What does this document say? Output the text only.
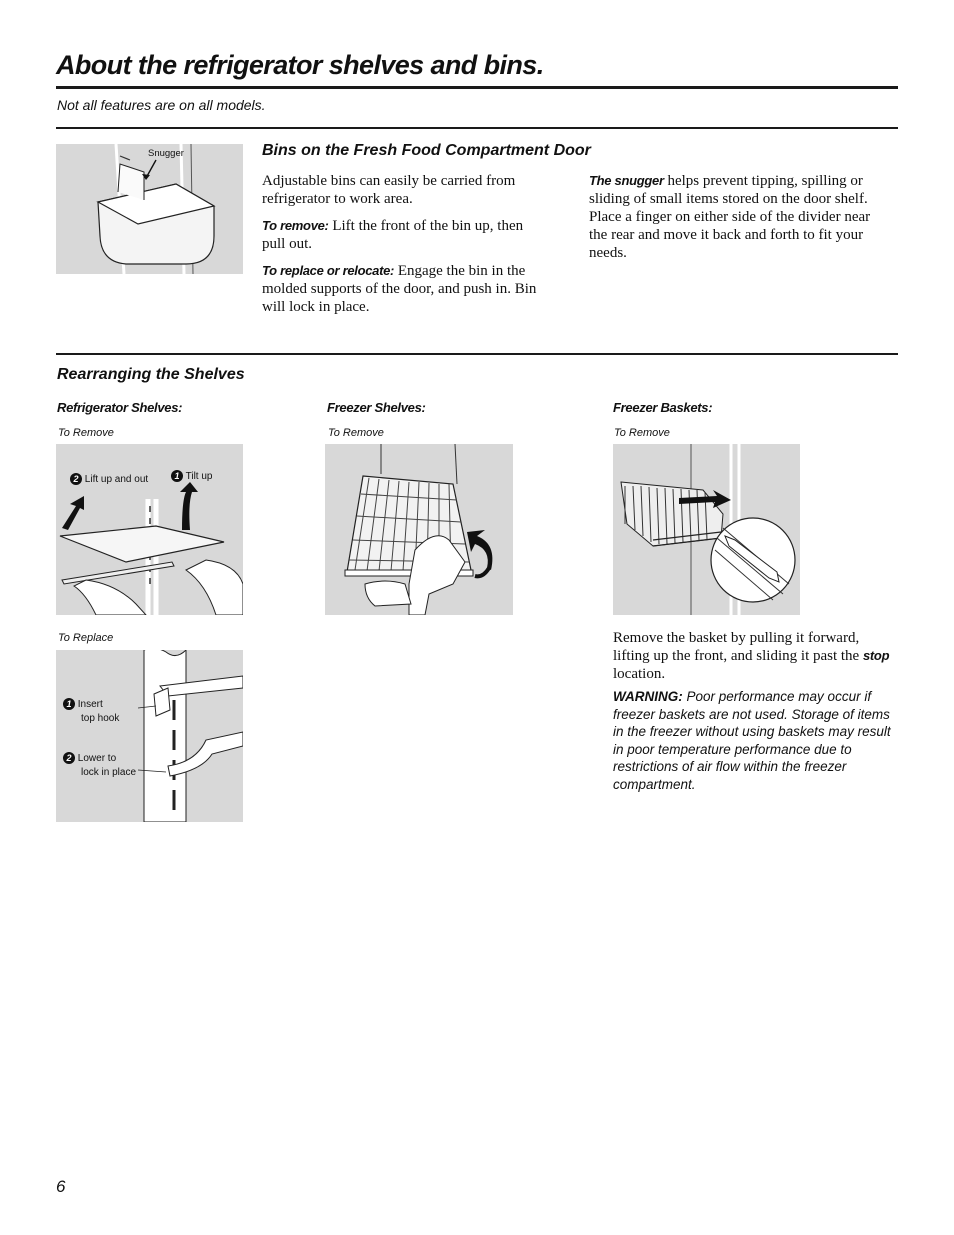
About the refrigerator shelves and bins.
Not all features are on all models.
Snugger	Bins on the Fresh Food Compartment Door
Adjustable bins can easily be carried from refrigerator to work area.
To remove: Lift the front of the bin up, then pull out.
To replace or relocate: Engage the bin in the molded supports of the door, and push in. Bin will lock in place.
The snugger helps prevent tipping, spilling or sliding of small items stored on the door shelf. Place a finger on either side of the divider near the rear and move it back and forth to fit your needs.
Rearranging the Shelves
Refrigerator Shelves:
To Remove
2 Lift up and out	1 Tilt up
To Replace
1 Insert
top hook
2 Lower to
lock in place
Freezer Shelves:
To Remove
Freezer Baskets:
To Remove
Remove the basket by pulling it forward, lifting up the front, and sliding it past the stop location.
WARNING: Poor performance may occur if freezer baskets are not used. Storage of items in the freezer without using baskets may result in poor temperature performance due to restrictions of air flow within the freezer compartment.
6
